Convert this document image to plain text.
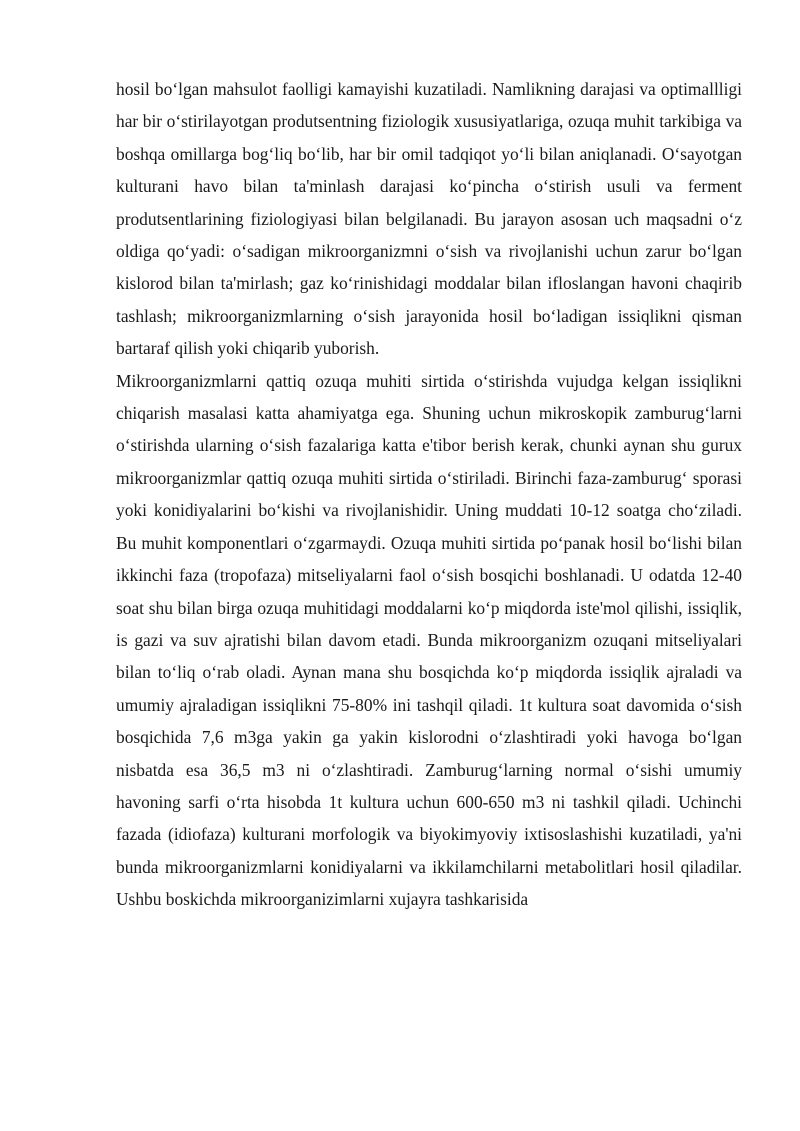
hosil boʻlgan mahsulot faolligi kamayishi kuzatiladi. Namlikning darajasi va optimallligi har bir oʻstirilayotgan produtsentning fiziologik xususiyatlariga, ozuqa muhit tarkibiga va boshqa omillarga bogʻliq boʻlib, har bir omil tadqiqot yoʻli bilan aniqlanadi. Oʻsayotgan kulturani havo bilan ta'minlash darajasi koʻpincha oʻstirish usuli va ferment produtsentlarining fiziologiyasi bilan belgilanadi. Bu jarayon asosan uch maqsadni oʻz oldiga qoʻyadi: oʻsadigan mikroorganizmni oʻsish va rivojlanishi uchun zarur boʻlgan kislorod bilan ta'mirlash; gaz koʻrinishidagi moddalar bilan ifloslangan havoni chaqirib tashlash; mikroorganizmlarning oʻsish jarayonida hosil boʻladigan issiqlikni qisman bartaraf qilish yoki chiqarib yuborish.

Mikroorganizmlarni qattiq ozuqa muhiti sirtida oʻstirishda vujudga kelgan issiqlikni chiqarish masalasi katta ahamiyatga ega. Shuning uchun mikroskopik zamburugʻlarni oʻstirishda ularning oʻsish fazalariga katta e'tibor berish kerak, chunki aynan shu gurux mikroorganizmlar qattiq ozuqa muhiti sirtida oʻstiriladi. Birinchi faza-zamburugʻ sporasi yoki konidiyalarini boʻkishi va rivojlanishidir. Uning muddati 10-12 soatga choʻziladi. Bu muhit komponentlari oʻzgarmaydi. Ozuqa muhiti sirtida poʻpanak hosil boʻlishi bilan ikkinchi faza (tropofaza) mitseliyalarni faol oʻsish bosqichi boshlanadi. U odatda 12-40 soat shu bilan birga ozuqa muhitidagi moddalarni koʻp miqdorda iste'mol qilishi, issiqlik, is gazi va suv ajratishi bilan davom etadi. Bunda mikroorganizm ozuqani mitseliyalari bilan toʻliq oʻrab oladi. Aynan mana shu bosqichda koʻp miqdorda issiqlik ajraladi va umumiy ajraladigan issiqlikni 75-80% ini tashqil qiladi. 1t kultura soat davomida oʻsish bosqichida 7,6 m3ga yakin ga yakin kislorodni oʻzlashtiradi yoki havoga boʻlgan nisbatda esa 36,5 m3 ni oʻzlashtiradi. Zamburugʻlarning normal oʻsishi umumiy havoning sarfi oʻrta hisobda 1t kultura uchun 600-650 m3 ni tashkil qiladi. Uchinchi fazada (idiofaza) kulturani morfologik va biyokimyoviy ixtisoslashishi kuzatiladi, ya'ni bunda mikroorganizmlarni konidiyalarni va ikkilamchilarni metabolitlari hosil qiladilar. Ushbu boskichda mikroorganizimlarni xujayra tashkarisida
